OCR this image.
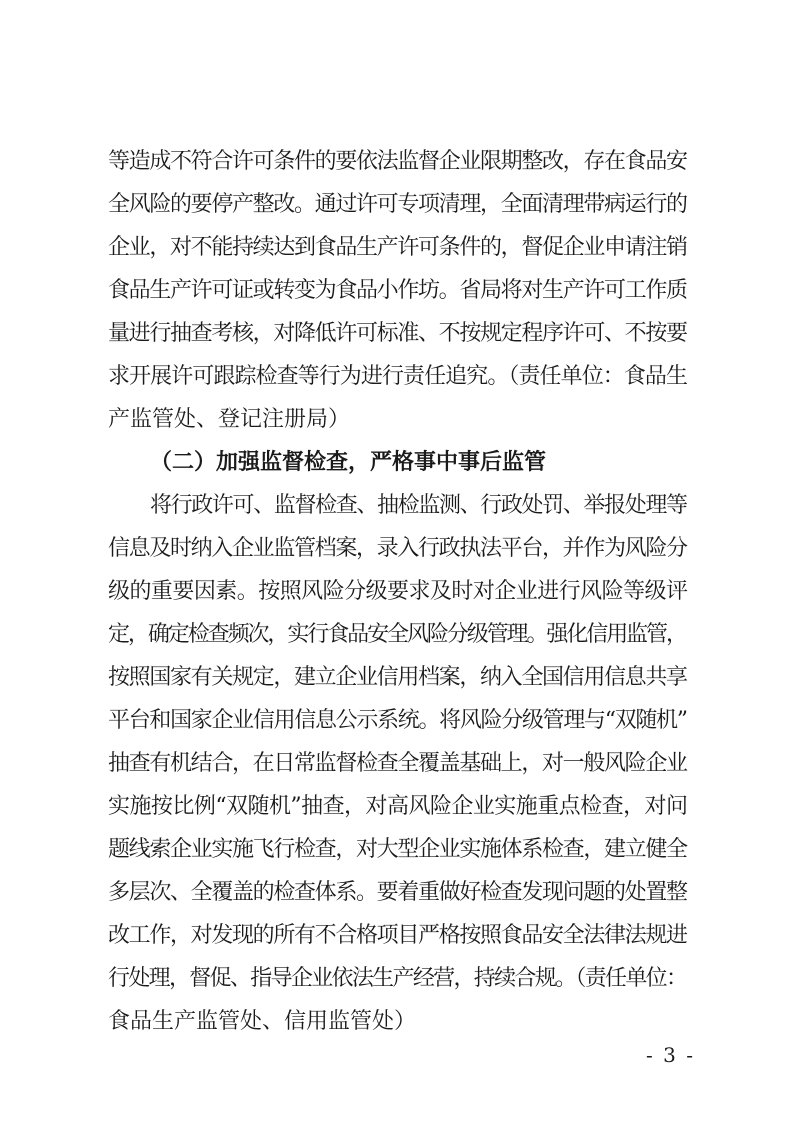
等造成不符合许可条件的要依法监督企业限期整改，存在食品安
全风险的要停产整改。通过许可专项清理，全面清理带病运行的
企业，对不能持续达到食品生产许可条件的，督促企业申请注销
食品生产许可证或转变为食品小作坊。省局将对生产许可工作质
量进行抽查考核，对降低许可标准、不按规定程序许可、不按要
求开展许可跟踪检查等行为进行责任追究。（责任单位：食品生
产监管处、登记注册局）
（二）加强监督检查，严格事中事后监管
将行政许可、监督检查、抽检监测、行政处罚、举报处理等
信息及时纳入企业监管档案，录入行政执法平台，并作为风险分
级的重要因素。按照风险分级要求及时对企业进行风险等级评
定，确定检查频次，实行食品安全风险分级管理。强化信用监管，
按照国家有关规定，建立企业信用档案，纳入全国信用信息共享
平台和国家企业信用信息公示系统。将风险分级管理与“双随机”
抽查有机结合，在日常监督检查全覆盖基础上，对一般风险企业
实施按比例“双随机”抽查，对高风险企业实施重点检查，对问
题线索企业实施飞行检查，对大型企业实施体系检查，建立健全
多层次、全覆盖的检查体系。要着重做好检查发现问题的处置整
改工作，对发现的所有不合格项目严格按照食品安全法律法规进
行处理，督促、指导企业依法生产经营，持续合规。（责任单位：
食品生产监管处、信用监管处）
- 3 -
